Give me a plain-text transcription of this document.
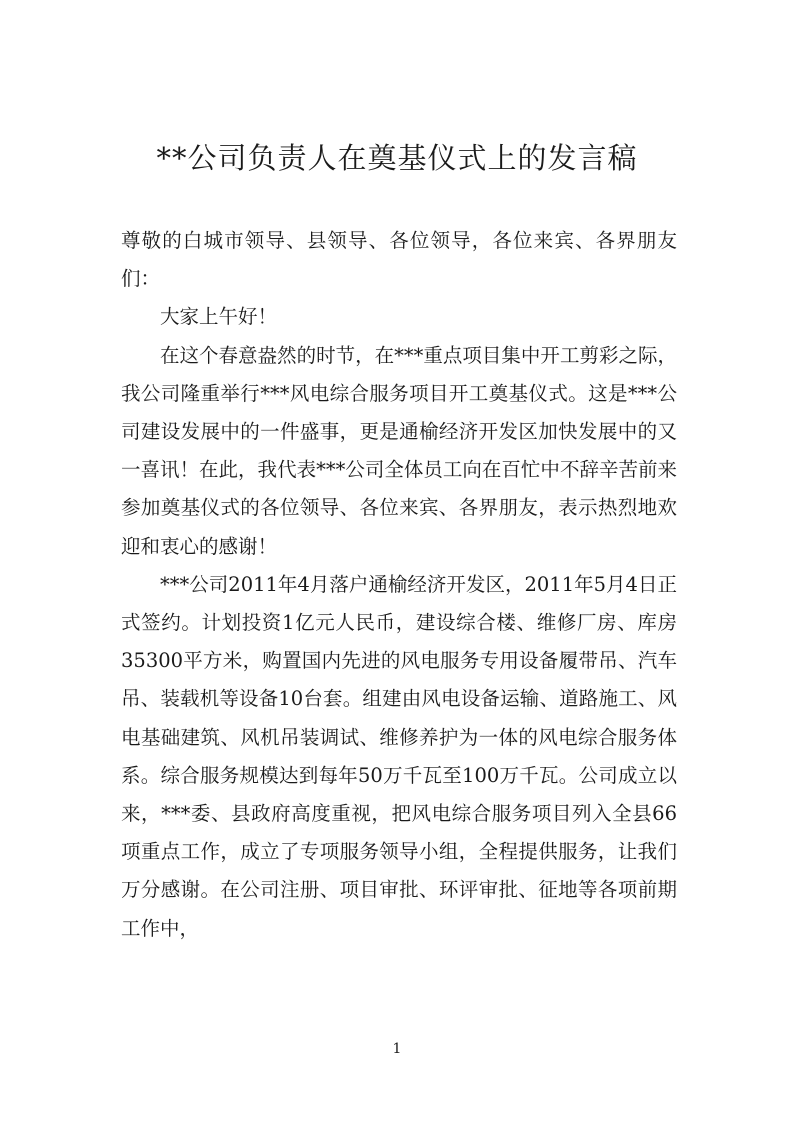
**公司负责人在奠基仪式上的发言稿

尊敬的白城市领导、县领导、各位领导，各位来宾、各界朋友们：

大家上午好！

在这个春意盎然的时节，在***重点项目集中开工剪彩之际，我公司隆重举行***风电综合服务项目开工奠基仪式。这是***公司建设发展中的一件盛事，更是通榆经济开发区加快发展中的又一喜讯！在此，我代表***公司全体员工向在百忙中不辞辛苦前来参加奠基仪式的各位领导、各位来宾、各界朋友，表示热烈地欢迎和衷心的感谢！

***公司2011年4月落户通榆经济开发区，2011年5月4日正式签约。计划投资1亿元人民币，建设综合楼、维修厂房、库房35300平方米，购置国内先进的风电服务专用设备履带吊、汽车吊、装载机等设备10台套。组建由风电设备运输、道路施工、风电基础建筑、风机吊装调试、维修养护为一体的风电综合服务体系。综合服务规模达到每年50万千瓦至100万千瓦。公司成立以来，***委、县政府高度重视，把风电综合服务项目列入全县66项重点工作，成立了专项服务领导小组，全程提供服务，让我们万分感谢。在公司注册、项目审批、环评审批、征地等各项前期工作中，

1
